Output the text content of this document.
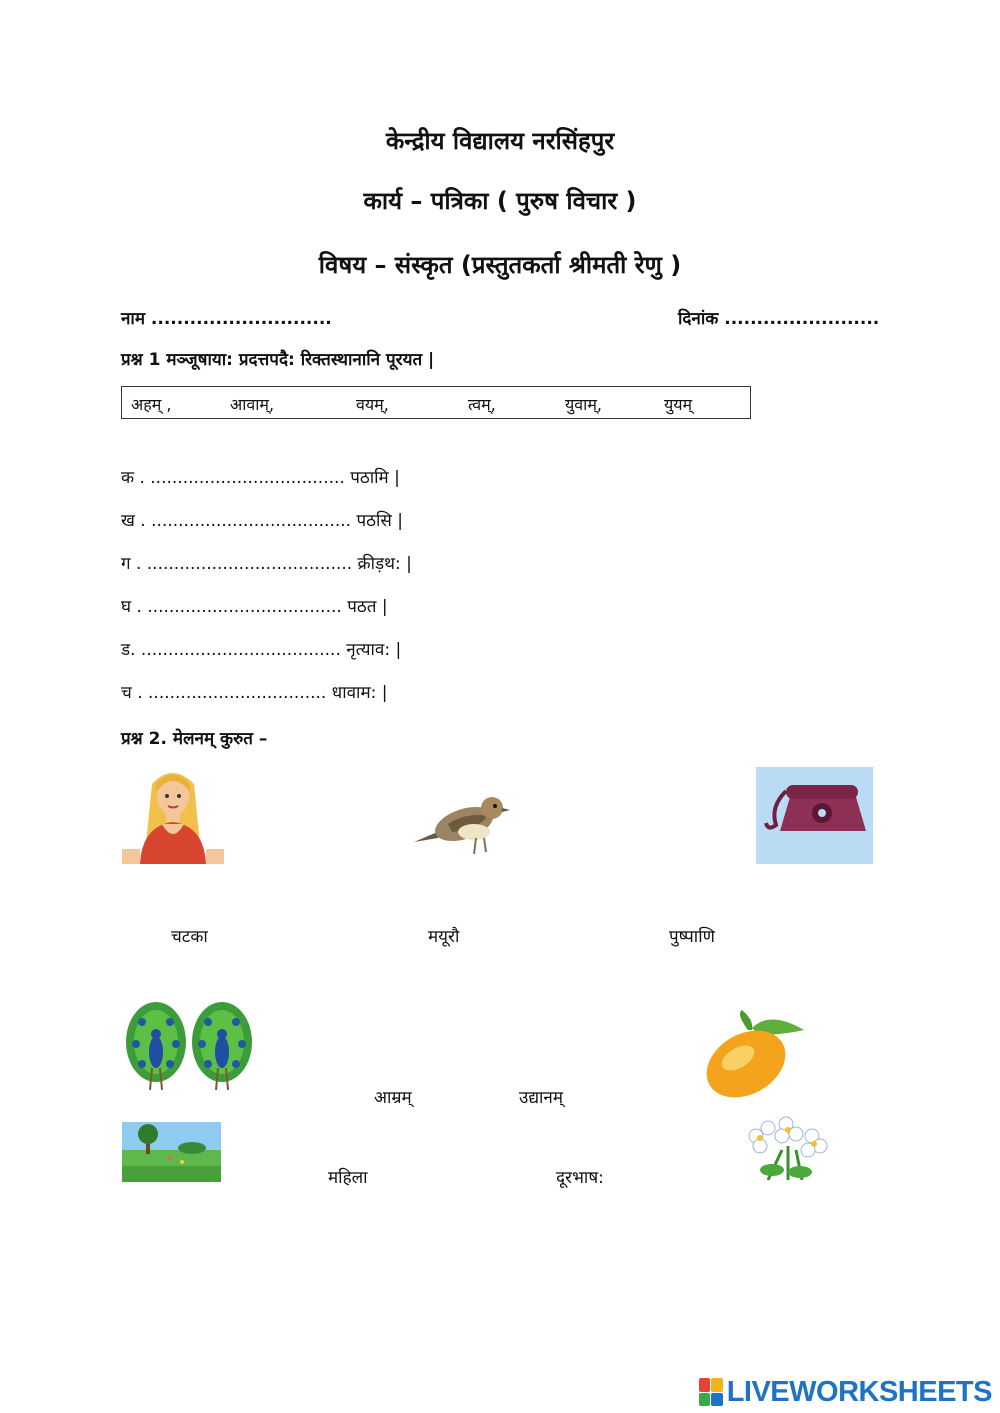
केन्द्रीय विद्यालय नरसिंहपुर
कार्य – पत्रिका ( पुरुष विचार )
विषय – संस्कृत (प्रस्तुतकर्ता श्रीमती रेणु )
नाम ............................	दिनांक ........................
प्रश्न 1 मञ्जूषाया: प्रदत्तपदै: रिक्तस्थानानि पूरयत |
अहम् ,	आवाम्,	वयम्,	त्वम्,	युवाम्,	युयम्
क . .................................... पठामि |
ख . ..................................... पठसि |
ग . ...................................... क्रीड़थ: |
घ . .................................... पठत |
ड. ..................................... नृत्याव: |
च . ................................. धावाम: |
प्रश्न 2. मेलनम् कुरुत –
चटका	मयूरौ	पुष्पाणि
आम्रम्	उद्यानम्
महिला	दूरभाष:
LIVEWORKSHEETS
